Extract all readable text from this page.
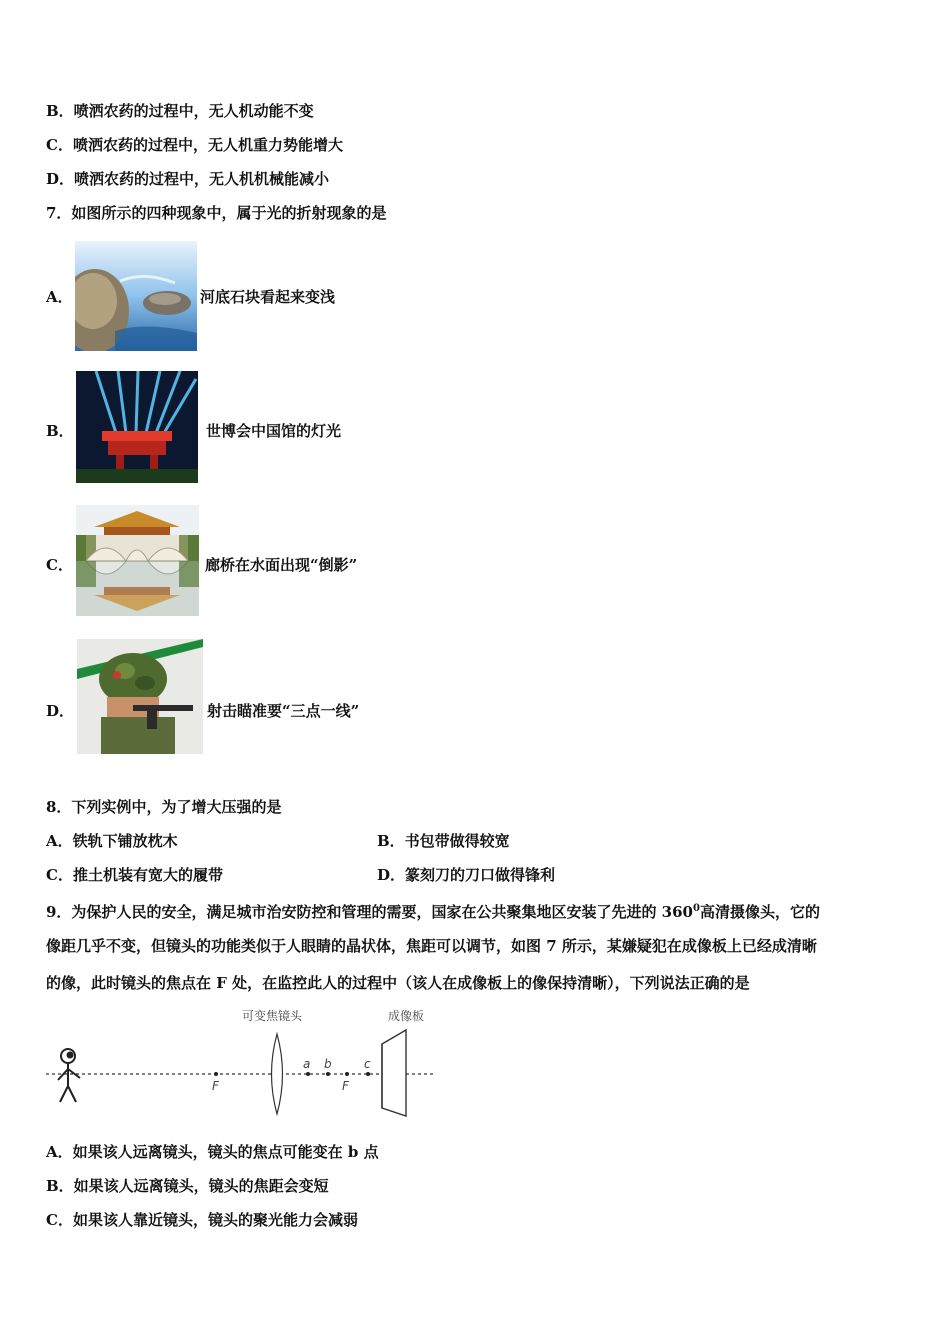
B．喷洒农药的过程中，无人机动能不变
C．喷洒农药的过程中，无人机重力势能增大
D．喷洒农药的过程中，无人机机械能减小
7．如图所示的四种现象中，属于光的折射现象的是
A．	河底石块看起来变浅
B．	世博会中国馆的灯光
C．	廊桥在水面出现“倒影”
D．	射击瞄准要“三点一线”
8．下列实例中，为了增大压强的是
A．铁轨下铺放枕木	B．书包带做得较宽
C．推土机装有宽大的履带	D．篆刻刀的刀口做得锋利
9．为保护人民的安全，满足城市治安防控和管理的需要，国家在公共聚集地区安装了先进的 $360^0$高清摄像头，它的
像距几乎不变，但镜头的功能类似于人眼睛的晶状体，焦距可以调节，如图 7 所示，某嫌疑犯在成像板上已经成清晰
的像，此时镜头的焦点在 F 处，在监控此人的过程中（该人在成像板上的像保持清晰），下列说法正确的是
可变焦镜头	成像板
F	F
a b	c
A．如果该人远离镜头，镜头的焦点可能变在 b 点
B．如果该人远离镜头，镜头的焦距会变短
C．如果该人靠近镜头，镜头的聚光能力会减弱
